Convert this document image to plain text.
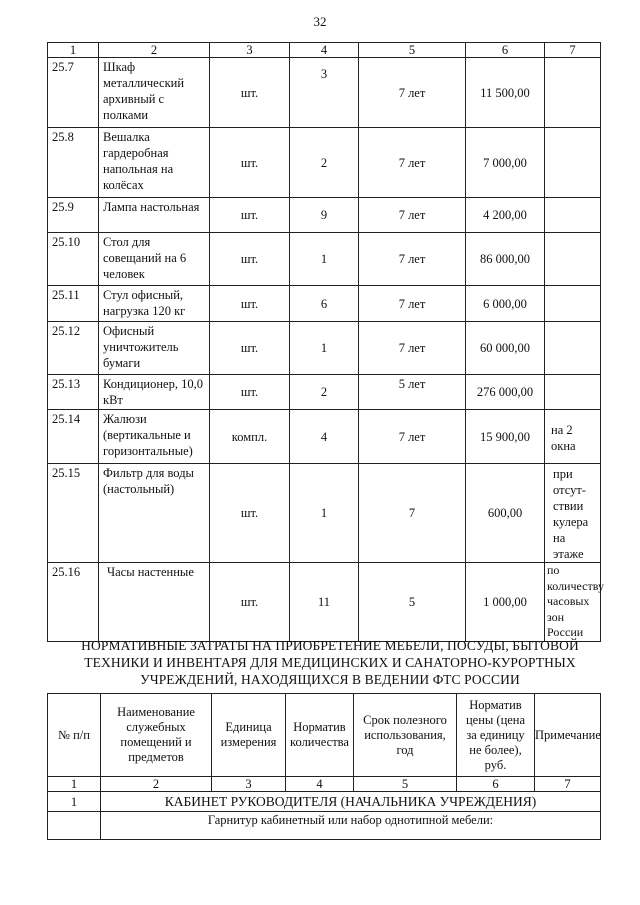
32
1	2	3	4	5	6	7
25.7	Шкаф металлический архивный с полками	шт.	3	7 лет	11 500,00	
25.8	Вешалка гардеробная напольная на колёсах	шт.	2	7 лет	7 000,00	
25.9	Лампа настольная	шт.	9	7 лет	4 200,00	
25.10	Стол для совещаний на 6 человек	шт.	1	7 лет	86 000,00	
25.11	Стул офисный, нагрузка 120 кг	шт.	6	7 лет	6 000,00	
25.12	Офисный уничтожитель бумаги	шт.	1	7 лет	60 000,00	
25.13	Кондиционер, 10,0 кВт	шт.	2	5 лет	276 000,00	
25.14	Жалюзи (вертикальные и горизонтальные)	компл.	4	7 лет	15 900,00	на 2 окна
25.15	Фильтр для воды (настольный)	шт.	1	7	600,00	при отсут-ствии кулера на этаже
25.16	Часы настенные	шт.	11	5	1 000,00	по количеству часовых зон России
НОРМАТИВНЫЕ ЗАТРАТЫ НА ПРИОБРЕТЕНИЕ МЕБЕЛИ, ПОСУДЫ, БЫТОВОЙ ТЕХНИКИ И ИНВЕНТАРЯ ДЛЯ МЕДИЦИНСКИХ И САНАТОРНО-КУРОРТНЫХ УЧРЕЖДЕНИЙ, НАХОДЯЩИХСЯ В ВЕДЕНИИ ФТС РОССИИ
№ п/п	Наименование служебных помещений и предметов	Единица измерения	Норматив количества	Срок полезного использования, год	Норматив цены (цена за единицу не более), руб.	Примечание
1	2	3	4	5	6	7
1	КАБИНЕТ РУКОВОДИТЕЛЯ (НАЧАЛЬНИКА УЧРЕЖДЕНИЯ)					
	Гарнитур кабинетный или набор однотипной мебели:					
